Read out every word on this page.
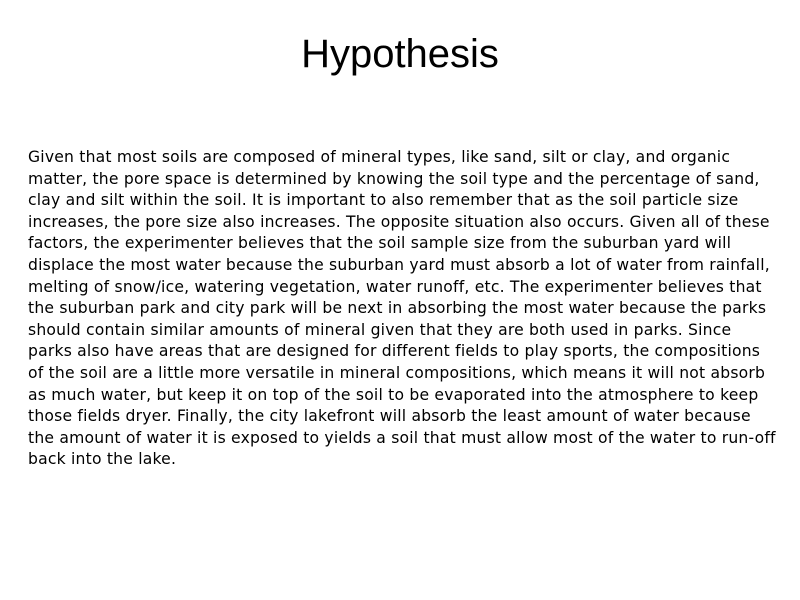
Hypothesis

Given that most soils are composed of mineral types, like sand, silt or clay, and organic matter, the pore space is determined by knowing the soil type and the percentage of sand, clay and silt within the soil. It is important to also remember that as the soil particle size increases, the pore size also increases. The opposite situation also occurs. Given all of these factors, the experimenter believes that the soil sample size from the suburban yard will displace the most water because the suburban yard must absorb a lot of water from rainfall, melting of snow/ice, watering vegetation, water runoff, etc. The experimenter believes that the suburban park and city park will be next in absorbing the most water because the parks should contain similar amounts of mineral given that they are both used in parks. Since parks also have areas that are designed for different fields to play sports, the compositions of the soil are a little more versatile in mineral compositions, which means it will not absorb as much water, but keep it on top of the soil to be evaporated into the atmosphere to keep those fields dryer. Finally, the city lakefront will absorb the least amount of water because the amount of water it is exposed to yields a soil that must allow most of the water to run-off back into the lake.
